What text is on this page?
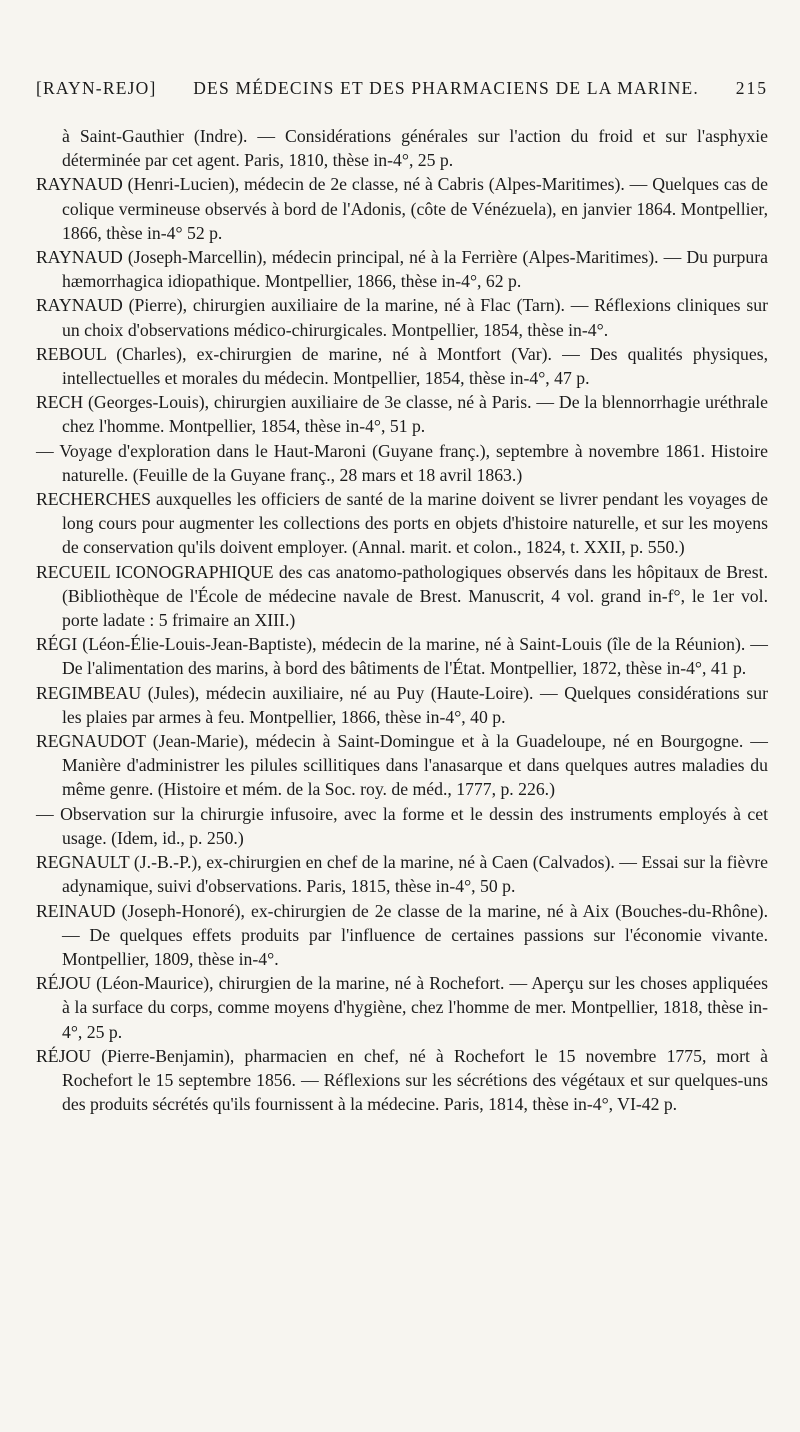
[RAYN-REJO] DES MÉDECINS ET DES PHARMACIENS DE LA MARINE. 215

à Saint-Gauthier (Indre). — Considérations générales sur l'action du froid et sur l'asphyxie déterminée par cet agent. Paris, 1810, thèse in-4°, 25 p.

RAYNAUD (Henri-Lucien), médecin de 2e classe, né à Cabris (Alpes-Maritimes). — Quelques cas de colique vermineuse observés à bord de l'Adonis, (côte de Vénézuela), en janvier 1864. Montpellier, 1866, thèse in-4° 52 p.

RAYNAUD (Joseph-Marcellin), médecin principal, né à la Ferrière (Alpes-Maritimes). — Du purpura hæmorrhagica idiopathique. Montpellier, 1866, thèse in-4°, 62 p.

RAYNAUD (Pierre), chirurgien auxiliaire de la marine, né à Flac (Tarn). — Réflexions cliniques sur un choix d'observations médico-chirurgicales. Montpellier, 1854, thèse in-4°.

REBOUL (Charles), ex-chirurgien de marine, né à Montfort (Var). — Des qualités physiques, intellectuelles et morales du médecin. Montpellier, 1854, thèse in-4°, 47 p.

RECH (Georges-Louis), chirurgien auxiliaire de 3e classe, né à Paris. — De la blennorrhagie uréthrale chez l'homme. Montpellier, 1854, thèse in-4°, 51 p.

— Voyage d'exploration dans le Haut-Maroni (Guyane franç.), septembre à novembre 1861. Histoire naturelle. (Feuille de la Guyane franç., 28 mars et 18 avril 1863.)

RECHERCHES auxquelles les officiers de santé de la marine doivent se livrer pendant les voyages de long cours pour augmenter les collections des ports en objets d'histoire naturelle, et sur les moyens de conservation qu'ils doivent employer. (Annal. marit. et colon., 1824, t. XXII, p. 550.)

RECUEIL ICONOGRAPHIQUE des cas anatomo-pathologiques observés dans les hôpitaux de Brest. (Bibliothèque de l'École de médecine navale de Brest. Manuscrit, 4 vol. grand in-f°, le 1er vol. porte ladate : 5 frimaire an XIII.)

RÉGI (Léon-Élie-Louis-Jean-Baptiste), médecin de la marine, né à Saint-Louis (île de la Réunion). — De l'alimentation des marins, à bord des bâtiments de l'État. Montpellier, 1872, thèse in-4°, 41 p.

REGIMBEAU (Jules), médecin auxiliaire, né au Puy (Haute-Loire). — Quelques considérations sur les plaies par armes à feu. Montpellier, 1866, thèse in-4°, 40 p.

REGNAUDOT (Jean-Marie), médecin à Saint-Domingue et à la Guadeloupe, né en Bourgogne. — Manière d'administrer les pilules scillitiques dans l'anasarque et dans quelques autres maladies du même genre. (Histoire et mém. de la Soc. roy. de méd., 1777, p. 226.)

— Observation sur la chirurgie infusoire, avec la forme et le dessin des instruments employés à cet usage. (Idem, id., p. 250.)

REGNAULT (J.-B.-P.), ex-chirurgien en chef de la marine, né à Caen (Calvados). — Essai sur la fièvre adynamique, suivi d'observations. Paris, 1815, thèse in-4°, 50 p.

REINAUD (Joseph-Honoré), ex-chirurgien de 2e classe de la marine, né à Aix (Bouches-du-Rhône). — De quelques effets produits par l'influence de certaines passions sur l'économie vivante. Montpellier, 1809, thèse in-4°.

RÉJOU (Léon-Maurice), chirurgien de la marine, né à Rochefort. — Aperçu sur les choses appliquées à la surface du corps, comme moyens d'hygiène, chez l'homme de mer. Montpellier, 1818, thèse in-4°, 25 p.

RÉJOU (Pierre-Benjamin), pharmacien en chef, né à Rochefort le 15 novembre 1775, mort à Rochefort le 15 septembre 1856. — Réflexions sur les sécrétions des végétaux et sur quelques-uns des produits sécrétés qu'ils fournissent à la médecine. Paris, 1814, thèse in-4°, VI-42 p.
